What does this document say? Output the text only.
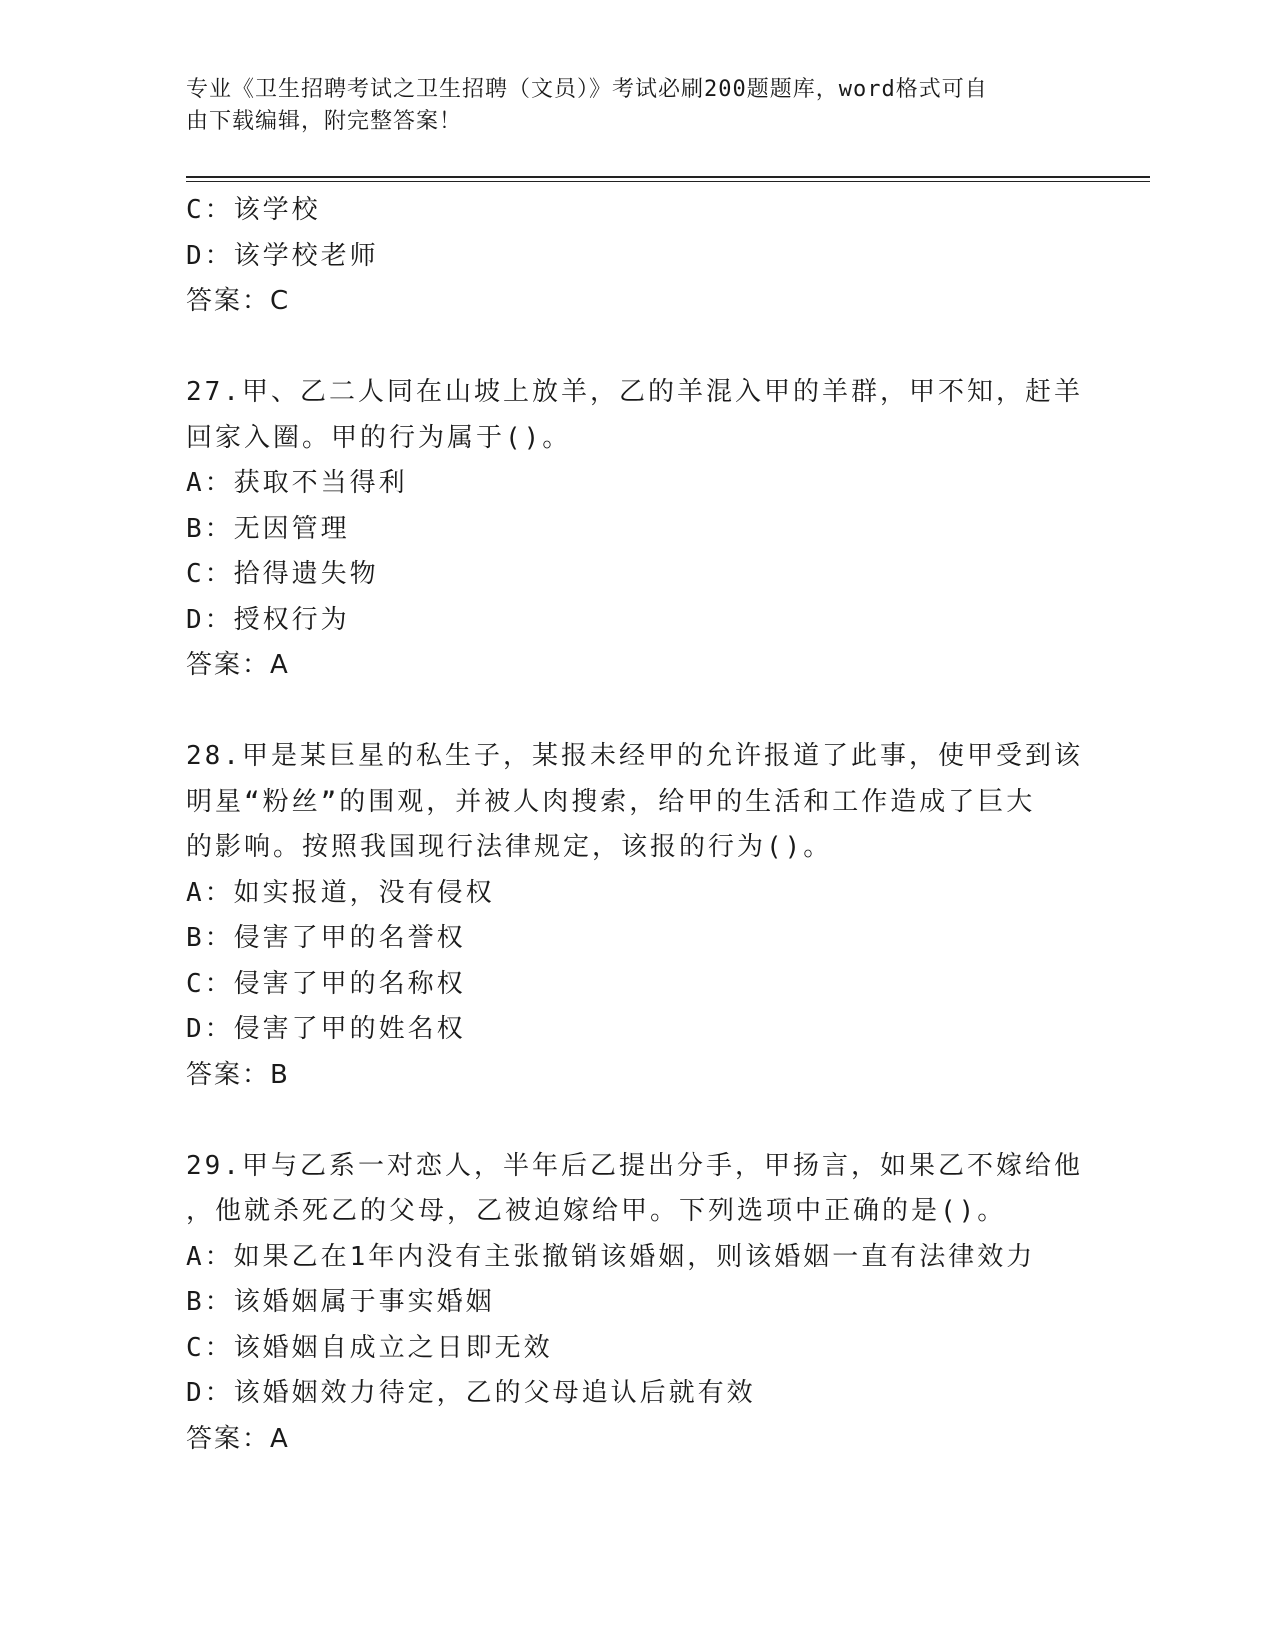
专业《卫生招聘考试之卫生招聘（文员）》考试必刷200题题库，word格式可自
由下载编辑，附完整答案！
C：该学校
D：该学校老师
答案：C
27.甲、乙二人同在山坡上放羊，乙的羊混入甲的羊群，甲不知，赶羊
回家入圈。甲的行为属于()。
A：获取不当得利
B：无因管理
C：拾得遗失物
D：授权行为
答案：A
28.甲是某巨星的私生子，某报未经甲的允许报道了此事，使甲受到该
明星“粉丝”的围观，并被人肉搜索，给甲的生活和工作造成了巨大
的影响。按照我国现行法律规定，该报的行为()。
A：如实报道，没有侵权
B：侵害了甲的名誉权
C：侵害了甲的名称权
D：侵害了甲的姓名权
答案：B
29.甲与乙系一对恋人，半年后乙提出分手，甲扬言，如果乙不嫁给他
，他就杀死乙的父母，乙被迫嫁给甲。下列选项中正确的是()。
A：如果乙在1年内没有主张撤销该婚姻，则该婚姻一直有法律效力
B：该婚姻属于事实婚姻
C：该婚姻自成立之日即无效
D：该婚姻效力待定，乙的父母追认后就有效
答案：A
